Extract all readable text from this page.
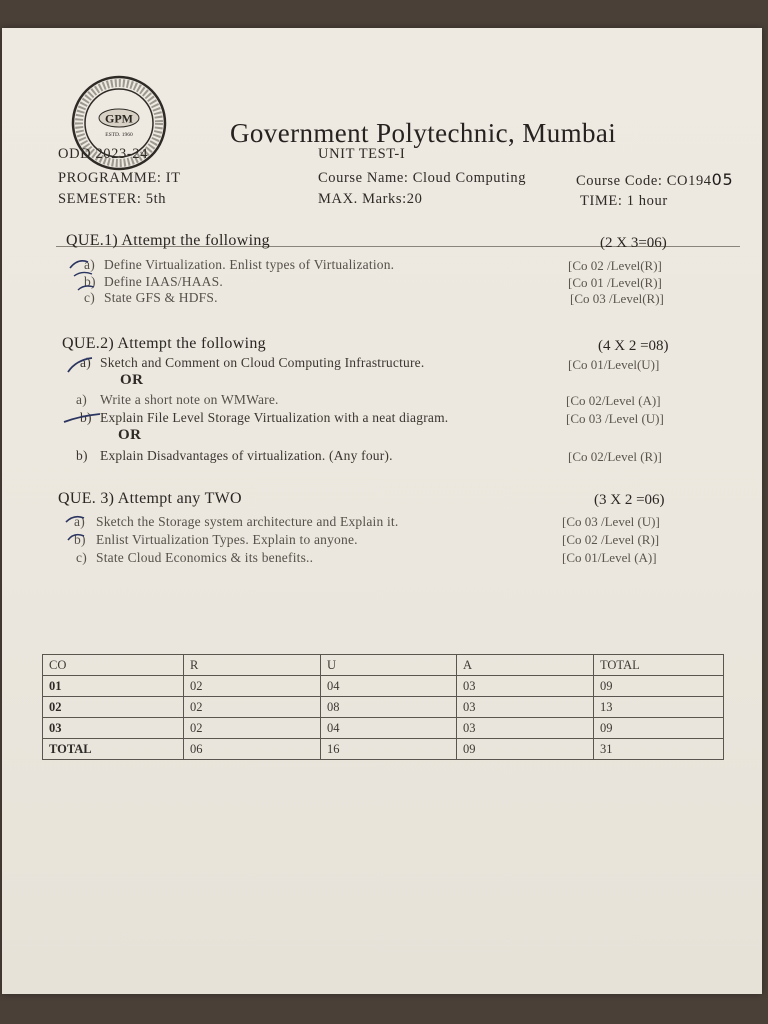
GPM
ESTD. 1960	Government Polytechnic, Mumbai
ODD 2023-24	UNIT TEST-I
PROGRAMME: IT	Course Name: Cloud Computing	Course Code: CO19405
SEMESTER: 5th	MAX. Marks:20	TIME: 1 hour
QUE.1) Attempt the following	(2 X 3=06)
a) Define Virtualization. Enlist types of Virtualization.	[Co 02 /Level(R)]
b) Define IAAS/HAAS.	[Co 01 /Level(R)]
c) State GFS & HDFS.	[Co 03 /Level(R)]
QUE.2) Attempt the following	(4 X 2 =08)
a) Sketch and Comment on Cloud Computing Infrastructure.	[Co 01/Level(U)]
OR
a) Write a short note on WMWare.	[Co 02/Level (A)]
b) Explain File Level Storage Virtualization with a neat diagram.	[Co 03 /Level (U)]
OR
b) Explain Disadvantages of virtualization. (Any four).	[Co 02/Level (R)]
QUE. 3) Attempt any TWO	(3 X 2 =06)
a) Sketch the Storage system architecture and Explain it.	[Co 03 /Level (U)]
b) Enlist Virtualization Types. Explain to anyone.	[Co 02 /Level (R)]
c) State Cloud Economics & its benefits..	[Co 01/Level (A)]
CO	R	U	A	TOTAL
01	02	04	03	09
02	02	08	03	13
03	02	04	03	09
TOTAL	06	16	09	31
